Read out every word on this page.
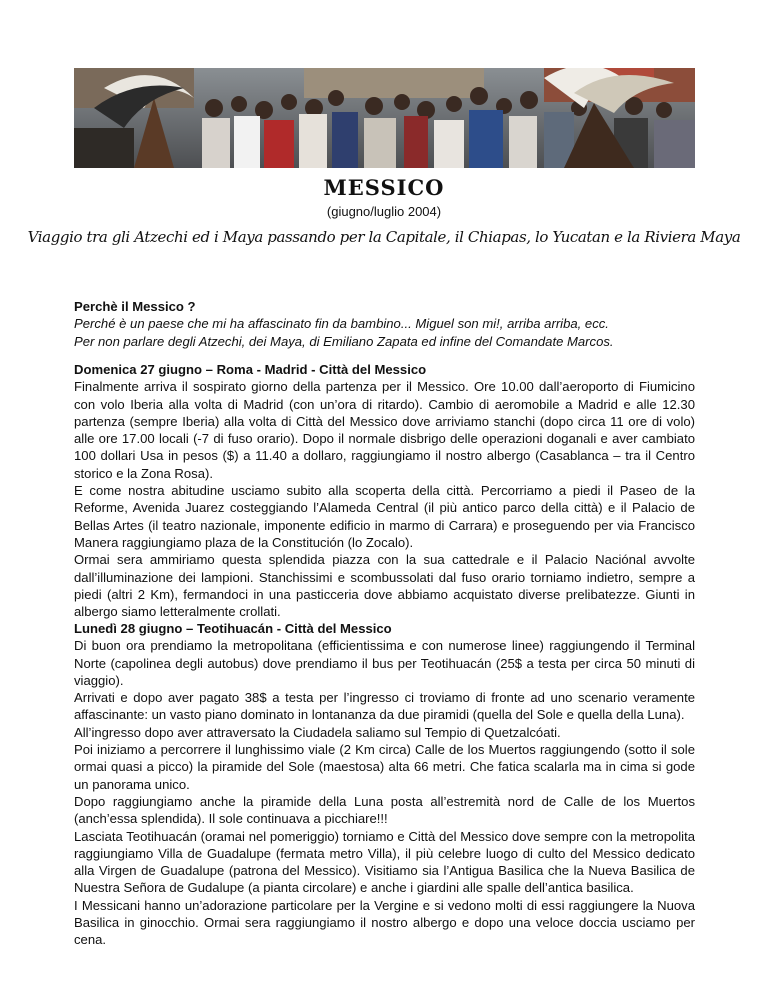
MESSICO
(giugno/luglio 2004)
Viaggio tra gli Atzechi ed i Maya passando per la Capitale, il Chiapas, lo Yucatan e la Riviera Maya

Perchè il Messico ?

Perché è un paese che mi ha affascinato fin da bambino... Miguel son mi!, arriba arriba, ecc.

Per non parlare degli Atzechi, dei Maya, di Emiliano Zapata ed infine del Comandate Marcos.

Domenica 27 giugno – Roma - Madrid - Città del Messico

Finalmente arriva il sospirato giorno della partenza per il Messico. Ore 10.00 dall’aeroporto di Fiumicino con volo Iberia alla volta di Madrid (con un’ora di ritardo). Cambio di aeromobile a Madrid e alle 12.30 partenza (sempre Iberia) alla volta di Città del Messico dove arriviamo stanchi (dopo circa 11 ore di volo) alle ore 17.00 locali (-7 di fuso orario). Dopo il normale disbrigo delle operazioni doganali e aver cambiato 100 dollari Usa in pesos ($) a 11.40 a dollaro, raggiungiamo il nostro albergo (Casablanca – tra il Centro storico e la Zona Rosa).

E come nostra abitudine usciamo subito alla scoperta della città. Percorriamo a piedi il Paseo de la Reforme, Avenida Juarez costeggiando l’Alameda Central (il più antico parco della città) e il Palacio de Bellas Artes (il teatro nazionale, imponente edificio in marmo di Carrara) e proseguendo per via Francisco Manera raggiungiamo plaza de la Constitución (lo Zocalo).

Ormai sera ammiriamo questa splendida piazza con la sua cattedrale e il Palacio Naciónal avvolte dall’illuminazione dei lampioni. Stanchissimi e scombussolati dal fuso orario torniamo indietro, sempre a piedi (altri 2 Km), fermandoci in una pasticceria dove abbiamo acquistato diverse prelibatezze. Giunti in albergo siamo letteralmente crollati.

Lunedì 28 giugno – Teotihuacán - Città del Messico

Di buon ora prendiamo la metropolitana (efficientissima e con numerose linee) raggiungendo il Terminal Norte (capolinea degli autobus) dove prendiamo il bus per Teotihuacán (25$ a testa per circa 50 minuti di viaggio).

Arrivati e dopo aver pagato 38$ a testa per l’ingresso ci troviamo di fronte ad uno scenario veramente affascinante: un vasto piano dominato in lontananza da due piramidi (quella del Sole e quella della Luna).

All’ingresso dopo aver attraversato la Ciudadela saliamo sul Tempio di Quetzalcóati.

Poi iniziamo a percorrere il lunghissimo viale (2 Km circa) Calle de los Muertos raggiungendo (sotto il sole ormai quasi a picco) la piramide del Sole (maestosa) alta 66 metri. Che fatica scalarla ma in cima si gode un panorama unico.

Dopo raggiungiamo anche la piramide della Luna posta all’estremità nord de Calle de los Muertos (anch’essa splendida). Il sole continuava a picchiare!!!

Lasciata Teotihuacán (oramai nel pomeriggio) torniamo e Città del Messico dove sempre con la metropolita raggiungiamo Villa de Guadalupe (fermata metro Villa), il più celebre luogo di culto del Messico dedicato alla Virgen de Guadalupe (patrona del Messico). Visitiamo sia l’Antigua Basilica che la Nueva Basilica de Nuestra Señora de Gudalupe (a pianta circolare) e anche i giardini alle spalle dell’antica basilica.

I Messicani hanno un’adorazione particolare per la Vergine e si vedono molti di essi raggiungere la Nuova Basilica in ginocchio. Ormai sera raggiungiamo il nostro albergo e dopo una veloce doccia usciamo per cena.
